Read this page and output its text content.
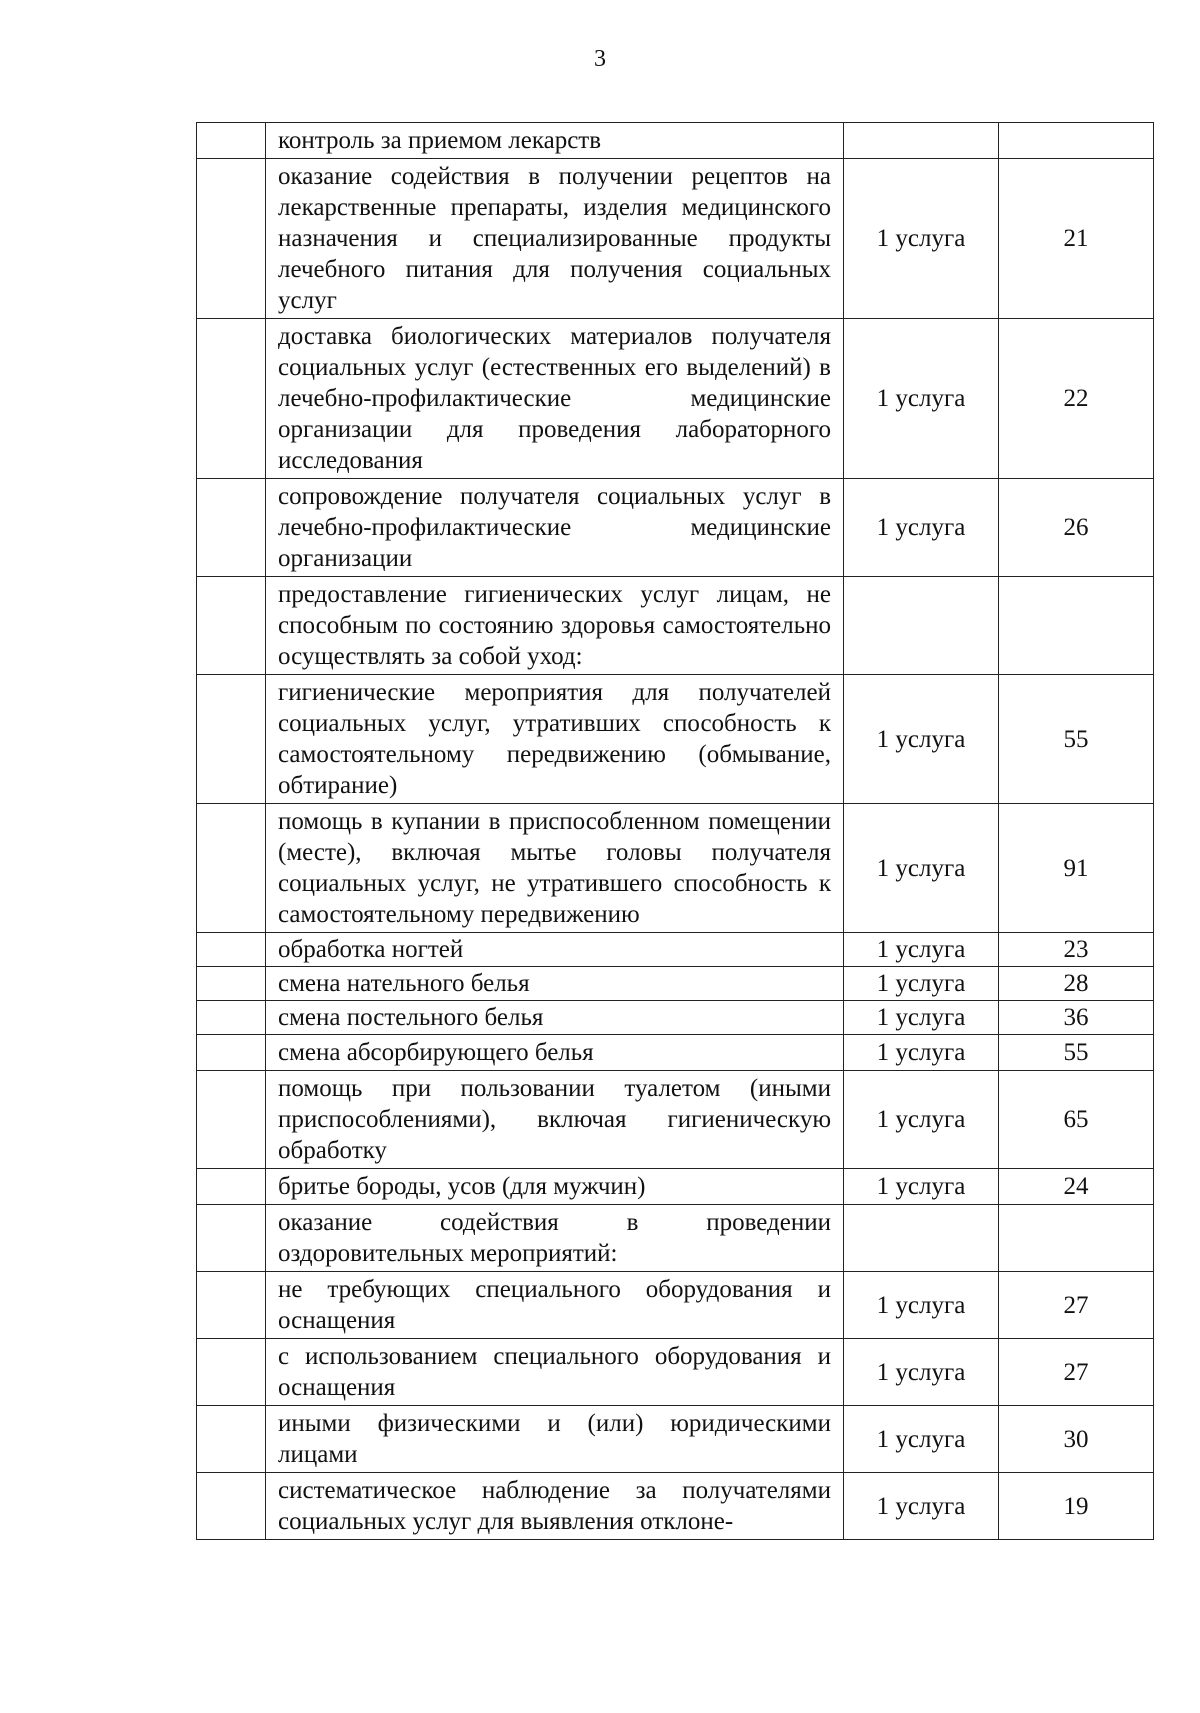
3
	контроль за приемом лекарств		
	оказание содействия в получении рецептов на лекарственные препараты, изделия медицинского назначения и специализированные продукты лечебного питания для получения социальных услуг	1 услуга	21
	доставка биологических материалов получателя социальных услуг (естественных его выделений) в лечебно-профилактические медицинские организации для проведения лабораторного исследования	1 услуга	22
	сопровождение получателя социальных услуг в лечебно-профилактические медицинские организации	1 услуга	26
	предоставление гигиенических услуг лицам, не способным по состоянию здоровья самостоятельно осуществлять за собой уход:		
	гигиенические мероприятия для получателей социальных услуг, утративших способность к самостоятельному передвижению (обмывание, обтирание)	1 услуга	55
	помощь в купании в приспособленном помещении (месте), включая мытье головы получателя социальных услуг, не утратившего способность к самостоятельному передвижению	1 услуга	91
	обработка ногтей	1 услуга	23
	смена нательного белья	1 услуга	28
	смена постельного белья	1 услуга	36
	смена абсорбирующего белья	1 услуга	55
	помощь при пользовании туалетом (иными приспособлениями), включая гигиеническую обработку	1 услуга	65
	бритье бороды, усов (для мужчин)	1 услуга	24
	оказание содействия в проведении оздоровительных мероприятий:		
	не требующих специального оборудования и оснащения	1 услуга	27
	с использованием специального оборудования и оснащения	1 услуга	27
	иными физическими и (или) юридическими лицами	1 услуга	30
	систематическое наблюдение за получателями социальных услуг для выявления отклоне-	1 услуга	19
